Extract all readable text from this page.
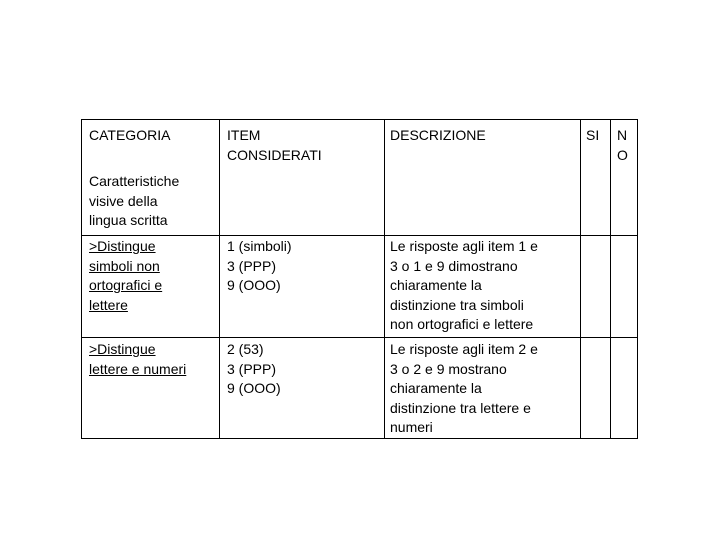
CATEGORIA	ITEM
CONSIDERATI
DESCRIZIONE	SI N
O
Caratteristiche
visive della
lingua scritta
>Distingue
simboli non
ortografici e
lettere
1 (simboli)
3 (PPP)
9 (OOO)
Le risposte agli item 1 e
3 o 1 e 9 dimostrano
chiaramente la
distinzione tra simboli
non ortografici e lettere
>Distingue
lettere e numeri
2 (53)
3 (PPP)
9 (OOO)
Le risposte agli item 2 e
3 o 2 e 9 mostrano
chiaramente la
distinzione tra lettere e
numeri
